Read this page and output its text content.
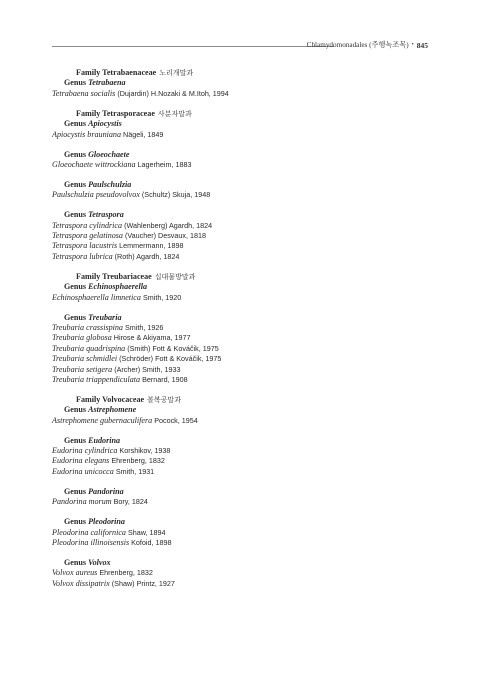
Chlamydomonadales (주행녹조목) • 845
Family Tetrabaenaceae 노리개말과
Genus Tetrabaena
Tetrabaena socialis (Dujardin) H.Nozaki & M.Itoh, 1994
Family Tetrasporaceae 사분자말과
Genus Apiocystis
Apiocystis brauniana Nägeli, 1849
Genus Gloeochaete
Gloeochaete wittrockiana Lagerheim, 1883
Genus Paulschulzia
Paulschulzia pseudovolvox (Schultz) Skuja, 1948
Genus Tetraspora
Tetraspora cylindrica (Wahlenberg) Agardh, 1824
Tetraspora gelatinosa (Vaucher) Desvaux, 1818
Tetraspora lacustris Lemmermann, 1898
Tetraspora lubrica (Roth) Agardh, 1824
Family Treubariaceae 십대물방말과
Genus Echinosphaerella
Echinosphaerella limnetica Smith, 1920
Genus Treubaria
Treubaria crassispina Smith, 1926
Treubaria globosa Hirose & Akiyama, 1977
Treubaria quadrispina (Smith) Fott & Kováčik, 1975
Treubaria schmidlei (Schröder) Fott & Kováčik, 1975
Treubaria setigera (Archer) Smith, 1933
Treubaria triappendiculata Bernard, 1908
Family Volvocaceae 볼복공말과
Genus Astrephomene
Astrephomene gubernaculifera Pocock, 1954
Genus Eudorina
Eudorina cylindrica Korshikov, 1938
Eudorina elegans Ehrenberg, 1832
Eudorina unicocca Smith, 1931
Genus Pandorina
Pandorina morum Bory, 1824
Genus Pleodorina
Pleodorina californica Shaw, 1894
Pleodorina illinoisensis Kofoid, 1898
Genus Volvox
Volvox aureus Ehrenberg, 1832
Volvox dissipatrix (Shaw) Printz, 1927
